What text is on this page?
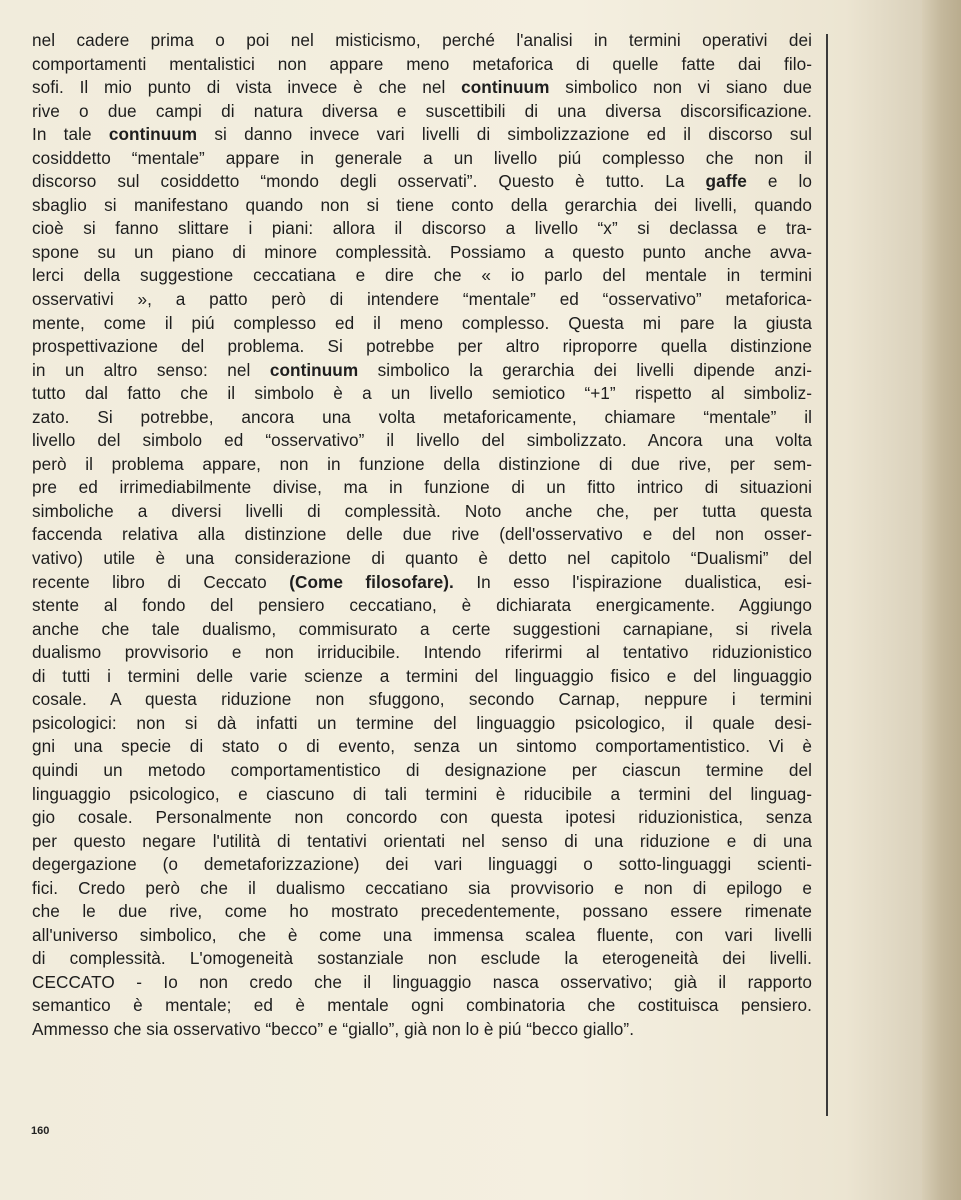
nel cadere prima o poi nel misticismo, perché l'analisi in termini operativi dei
comportamenti mentalistici non appare meno metaforica di quelle fatte dai filo-
sofi. Il mio punto di vista invece è che nel continuum simbolico non vi siano due
rive o due campi di natura diversa e suscettibili di una diversa discorsificazione.
In tale continuum si danno invece vari livelli di simbolizzazione ed il discorso sul
cosiddetto “mentale” appare in generale a un livello piú complesso che non il
discorso sul cosiddetto “mondo degli osservati”. Questo è tutto. La gaffe e lo
sbaglio si manifestano quando non si tiene conto della gerarchia dei livelli, quando
cioè si fanno slittare i piani: allora il discorso a livello “x” si declassa e tra-
spone su un piano di minore complessità. Possiamo a questo punto anche avva-
lerci della suggestione ceccatiana e dire che « io parlo del mentale in termini
osservativi », a patto però di intendere “mentale” ed “osservativo” metaforica-
mente, come il piú complesso ed il meno complesso. Questa mi pare la giusta
prospettivazione del problema. Si potrebbe per altro riproporre quella distinzione
in un altro senso: nel continuum simbolico la gerarchia dei livelli dipende anzi-
tutto dal fatto che il simbolo è a un livello semiotico “+1” rispetto al simboliz-
zato. Si potrebbe, ancora una volta metaforicamente, chiamare “mentale” il
livello del simbolo ed “osservativo” il livello del simbolizzato. Ancora una volta
però il problema appare, non in funzione della distinzione di due rive, per sem-
pre ed irrimediabilmente divise, ma in funzione di un fitto intrico di situazioni
simboliche a diversi livelli di complessità. Noto anche che, per tutta questa
faccenda relativa alla distinzione delle due rive (dell'osservativo e del non osser-
vativo) utile è una considerazione di quanto è detto nel capitolo “Dualismi” del
recente libro di Ceccato (Come filosofare). In esso l'ispirazione dualistica, esi-
stente al fondo del pensiero ceccatiano, è dichiarata energicamente. Aggiungo
anche che tale dualismo, commisurato a certe suggestioni carnapiane, si rivela
dualismo provvisorio e non irriducibile. Intendo riferirmi al tentativo riduzionistico
di tutti i termini delle varie scienze a termini del linguaggio fisico e del linguaggio
cosale. A questa riduzione non sfuggono, secondo Carnap, neppure i termini
psicologici: non si dà infatti un termine del linguaggio psicologico, il quale desi-
gni una specie di stato o di evento, senza un sintomo comportamentistico. Vi è
quindi un metodo comportamentistico di designazione per ciascun termine del
linguaggio psicologico, e ciascuno di tali termini è riducibile a termini del linguag-
gio cosale. Personalmente non concordo con questa ipotesi riduzionistica, senza
per questo negare l'utilità di tentativi orientati nel senso di una riduzione e di una
degergazione (o demetaforizzazione) dei vari linguaggi o sotto-linguaggi scienti-
fici. Credo però che il dualismo ceccatiano sia provvisorio e non di epilogo e
che le due rive, come ho mostrato precedentemente, possano essere rimenate
all'universo simbolico, che è come una immensa scalea fluente, con vari livelli
di complessità. L'omogeneità sostanziale non esclude la eterogeneità dei livelli.
CECCATO - Io non credo che il linguaggio nasca osservativo; già il rapporto
semantico è mentale; ed è mentale ogni combinatoria che costituisca pensiero.
Ammesso che sia osservativo “becco” e “giallo”, già non lo è piú “becco giallo”.
160
